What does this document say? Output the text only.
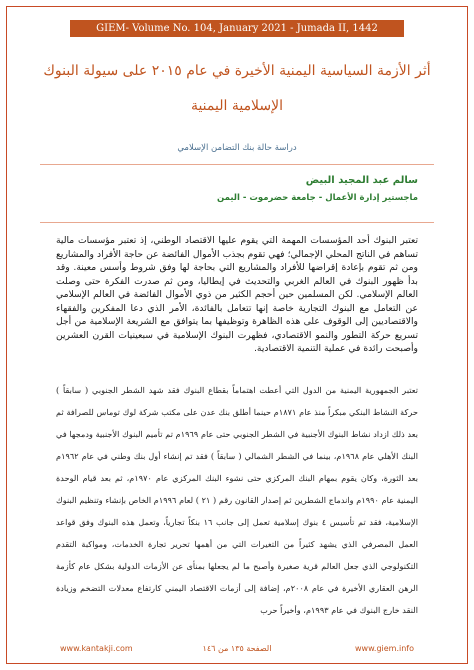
GIEM- Volume No. 104, January 2021 - Jumada II, 1442
أثر الأزمة السياسية اليمنية الأخيرة في عام ٢٠١٥ على سيولة البنوك
الإسلامية اليمنية
دراسة حالة بنك التضامن الإسلامي
سالم عبد المجيد البيض
ماجستير إدارة الأعمال - جامعة حضرموت - اليمن
تعتبر البنوك أحد المؤسسات المهمة التي يقوم عليها الاقتصاد الوطني، إذ تعتبر مؤسسات مالية تساهم في الناتج المحلي الإجمالي؛ فهي تقوم بجذب الأموال الفائضة عن حاجة الأفراد والمشاريع ومن ثم تقوم بإعادة إقراضها للأفراد والمشاريع التي بحاجة لها وفق شروط وأسس معينة. وقد بدأ ظهور البنوك في العالم الغربي والتحديث في إيطاليا، ومن ثم صدرت الفكرة حتى وصلت العالم الإسلامي. لكن المسلمين حين أحجم الكثير من ذوي الأموال الفائضة في العالم الإسلامي عن التعامل مع البنوك التجارية خاصة إنها تتعامل بالفائدة، الأمر الذي دعا المفكرين والفقهاء والاقتصاديين إلى الوقوف على هذه الظاهرة وتوظيفها بما يتوافق مع الشريعة الإسلامية من أجل تسريع حركة التطور والنمو الاقتصادي، فظهرت البنوك الإسلامية في سبعينيات القرن العشرين وأصبحت رائدة في عملية التنمية الاقتصادية.
تعتبر الجمهورية اليمنية من الدول التي أعطت اهتماماً بقطاع البنوك فقد شهد الشطر الجنوبي ( سابقاً ) حركة النشاط البنكي مبكراً منذ عام ١٨٧١م حينما أطلق بنك عدن على مكتب شركة لوك توماس للصرافة ثم بعد ذلك ازداد نشاط البنوك الأجنبية في الشطر الجنوبي حتى عام ١٩٦٩م تم تأميم البنوك الأجنبية ودمجها في البنك الأهلي عام ١٩٦٨م، بينما في الشطر الشمالي ( سابقاً ) فقد تم إنشاء أول بنك وطني في عام ١٩٦٢م بعد الثورة، وكان يقوم بمهام البنك المركزي حتى نشوء البنك المركزي عام ١٩٧٠م، ثم بعد قيام الوحدة اليمنية عام ١٩٩٠م واندماج الشطرين ثم إصدار القانون رقم ( ٢١ ) لعام ١٩٩٦م الخاص بإنشاء وتنظيم البنوك الإسلامية، فقد تم تأسيس ٤ بنوك إسلامية تعمل إلى جانب ١٦ بنكاً تجارياً، وتعمل هذه البنوك وفق قواعد العمل المصرفي الذي يشهد كثيراً من التغيرات التي من أهمها تحرير تجارة الخدمات، ومواكبة التقدم التكنولوجي الذي جعل العالم قرية صغيرة وأصبح ما لم يجعلها بمنأى عن الأزمات الدولية بشكل عام كأزمة الرهن العقاري الأخيرة في عام ٢٠٠٨م، إضافة إلى أزمات الاقتصاد اليمني كارتفاع معدلات التضخم وزيادة النقد خارج البنوك في عام ١٩٩٣م، وأخيراً حرب
www.kantakji.com	الصفحة ١٣٥ من ١٤٦	www.giem.info
